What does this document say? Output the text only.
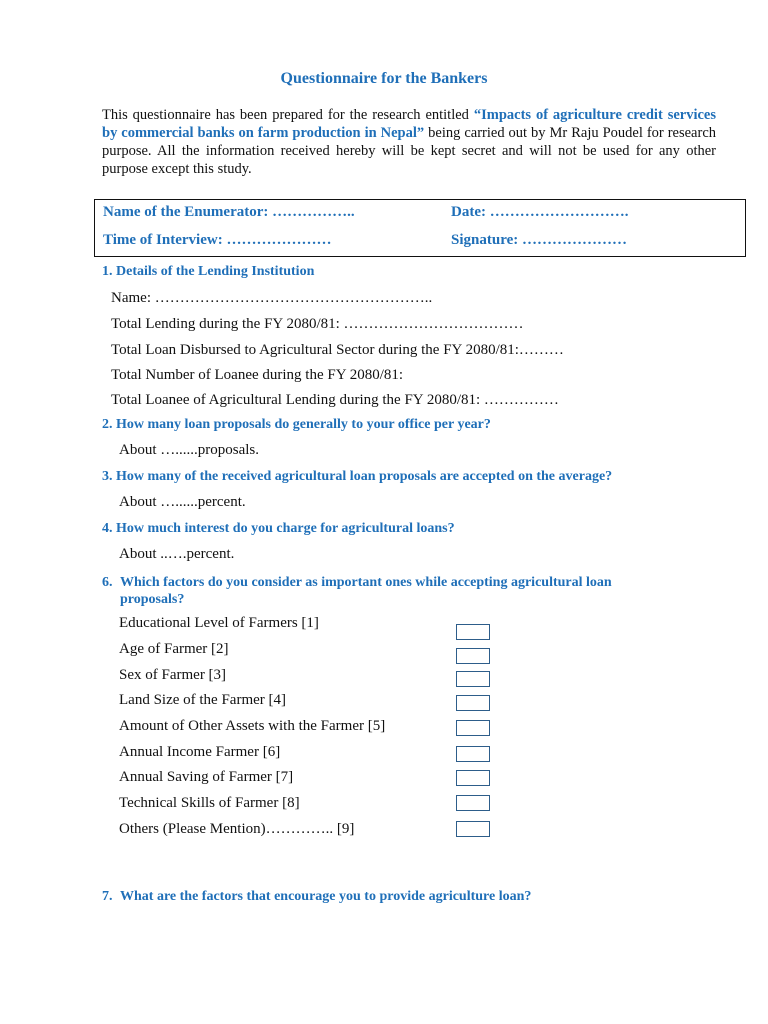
Questionnaire for the Bankers
This questionnaire has been prepared for the research entitled “Impacts of agriculture credit services by commercial banks on farm production in Nepal” being carried out by Mr Raju Poudel for research purpose. All the information received hereby will be kept secret and will not be used for any other purpose except this study.
Name of the Enumerator: ……………..	Date: ……………………….
Time of Interview: …………………	Signature: …………………
1. Details of the Lending Institution
Name: ………………………………………………..
Total Lending during the FY 2080/81: ………………………………
Total Loan Disbursed to Agricultural Sector during the FY 2080/81:………
Total Number of Loanee during the FY 2080/81:
Total Loanee of Agricultural Lending during the FY 2080/81: ……………
2. How many loan proposals do generally to your office per year?
About …......proposals.
3. How many of the received agricultural loan proposals are accepted on the average?
About …......percent.
4. How much interest do you charge for agricultural loans?
About ..….percent.
6. Which factors do you consider as important ones while accepting agricultural loan
proposals?
Educational Level of Farmers [1]
Age of Farmer [2]
Sex of Farmer [3]
Land Size of the Farmer [4]
Amount of Other Assets with the Farmer [5]
Annual Income Farmer [6]
Annual Saving of Farmer [7]
Technical Skills of Farmer [8]
Others (Please Mention)………….. [9]
7. What are the factors that encourage you to provide agriculture loan?
